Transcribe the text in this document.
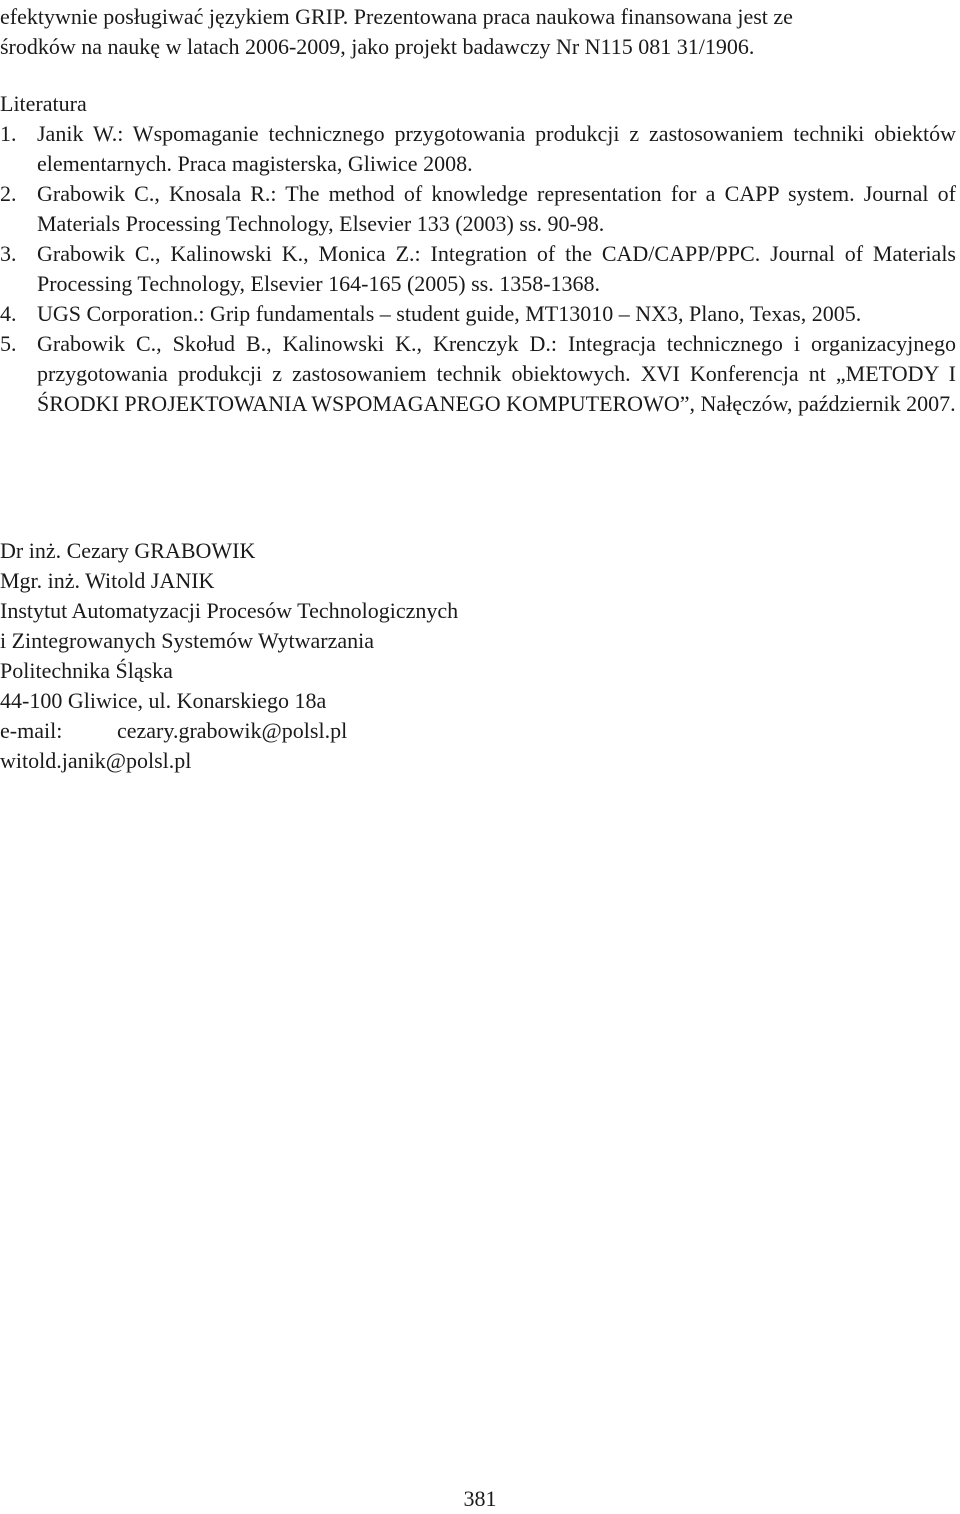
efektywnie posługiwać językiem GRIP. Prezentowana praca naukowa finansowana jest ze

środków na naukę w latach 2006-2009, jako projekt badawczy Nr N115 081 31/1906.

Literatura
1. Janik W.: Wspomaganie technicznego przygotowania produkcji z zastosowaniem techniki obiektów elementarnych. Praca magisterska, Gliwice 2008.
2. Grabowik C., Knosala R.: The method of knowledge representation for a CAPP system. Journal of Materials Processing Technology, Elsevier 133 (2003) ss. 90-98.
3. Grabowik C., Kalinowski K., Monica Z.: Integration of the CAD/CAPP/PPC. Journal of Materials Processing Technology, Elsevier 164-165 (2005) ss. 1358-1368.
4. UGS Corporation.: Grip fundamentals – student guide, MT13010 – NX3, Plano, Texas, 2005.
5. Grabowik C., Skołud B., Kalinowski K., Krenczyk D.: Integracja technicznego i organizacyjnego przygotowania produkcji z zastosowaniem technik obiektowych. XVI Konferencja nt „METODY I ŚRODKI PROJEKTOWANIA WSPOMAGANEGO KOMPUTEROWO”, Nałęczów, październik 2007.
Dr inż. Cezary GRABOWIK
Mgr. inż. Witold JANIK
Instytut Automatyzacji Procesów Technologicznych
i Zintegrowanych Systemów Wytwarzania
Politechnika Śląska
44-100 Gliwice, ul. Konarskiego 18a
e-mail: cezary.grabowik@polsl.pl
witold.janik@polsl.pl
381
